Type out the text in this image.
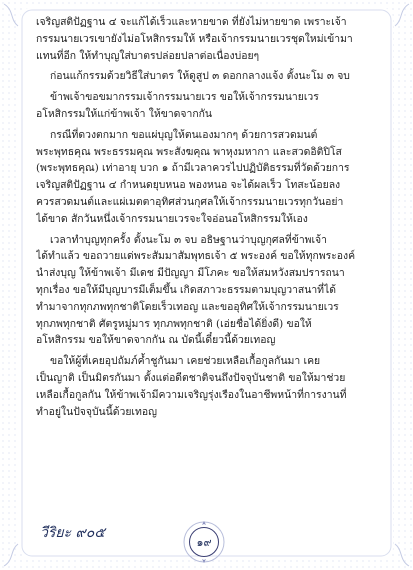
เจริญสติปัฏฐาน ๔ จะแก้ได้เร็วและหายขาด ที่ยังไม่หายขาด เพราะเจ้า
กรรมนายเวรเขายังไม่อโหสิกรรมให้ หรือเจ้ากรรมนายเวรชุดใหม่เข้ามา
แทนที่อีก ให้ทำบุญใส่บาตรปล่อยปลาต่อเนื่องบ่อยๆ
ก่อนแก้กรรมด้วยวิธีใส่บาตร ให้ดูสูป ๓ ดอกกลางแจ้ง ตั้งนะโม ๓ จบ
ข้าพเจ้าขอขมากรรมเจ้ากรรมนายเวร ขอให้เจ้ากรรมนายเวร
อโหสิกรรมให้แก่ข้าพเจ้า ให้ขาดจากกัน
กรณีที่ดวงตกมาก ขอแผ่บุญให้ตนเองมากๆ ด้วยการสวดมนต์
พระพุทธคุณ พระธรรมคุณ พระสังฆคุณ พาหุงมหากา และสวดอิติปิโส
(พระพุทธคุณ) เท่าอายุ บวก ๑ ถ้ามีเวลาควรไปปฏิบัติธรรมที่วัดด้วยการ
เจริญสติปัฏฐาน ๔ กำหนดยุบหนอ พองหนอ จะได้ผลเร็ว โทสะน้อยลง
ควรสวดมนต์และแผ่เมตตาอุทิศส่วนกุศลให้เจ้ากรรมนายเวรทุกวันอย่า
ได้ขาด สักวันหนึ่งเจ้ากรรมนายเวรจะใจอ่อนอโหสิกรรมให้เอง
เวลาทำบุญทุกครั้ง ตั้งนะโม ๓ จบ อธิษฐานว่าบุญกุศลที่ข้าพเจ้า
ได้ทำแล้ว ขอถวายแด่พระสัมมาสัมพุทธเจ้า ๕ พระองค์ ขอให้ทุกพระองค์
นำส่งบุญ ให้ข้าพเจ้า มีเดช มีปัญญา มีโภคะ ขอให้สมหวังสมปรารถนา
ทุกเรื่อง ขอให้มีบุญบารมีเต็มขึ้น เกิดสภาวะธรรมตามบุญวาสนาที่ได้
ทำมาจากทุกภพทุกชาติโดยเร็วเทอญ และขออุทิศให้เจ้ากรรมนายเวร
ทุกภพทุกชาติ ศัตรูหมู่มาร ทุกภพทุกชาติ (เอ่ยชื่อได้ยิ่งดี) ขอให้
อโหสิกรรม ขอให้ขาดจากกัน ณ บัดนี้เดี๋ยวนี้ด้วยเทอญ
ขอให้ผู้ที่เคยอุปถัมภ์ค้ำชูกันมา เคยช่วยเหลือเกื้อกูลกันมา เคย
เป็นญาติ เป็นมิตรกันมา ตั้งแต่อดีตชาติจนถึงปัจจุบันชาติ ขอให้มาช่วย
เหลือเกื้อกูลกัน ให้ข้าพเจ้ามีความเจริญรุ่งเรืองในอาชีพหน้าที่การงานที่
ทำอยู่ในปัจจุบันนี้ด้วยเทอญ
วีริยะ ๙๐๕
๑๙
